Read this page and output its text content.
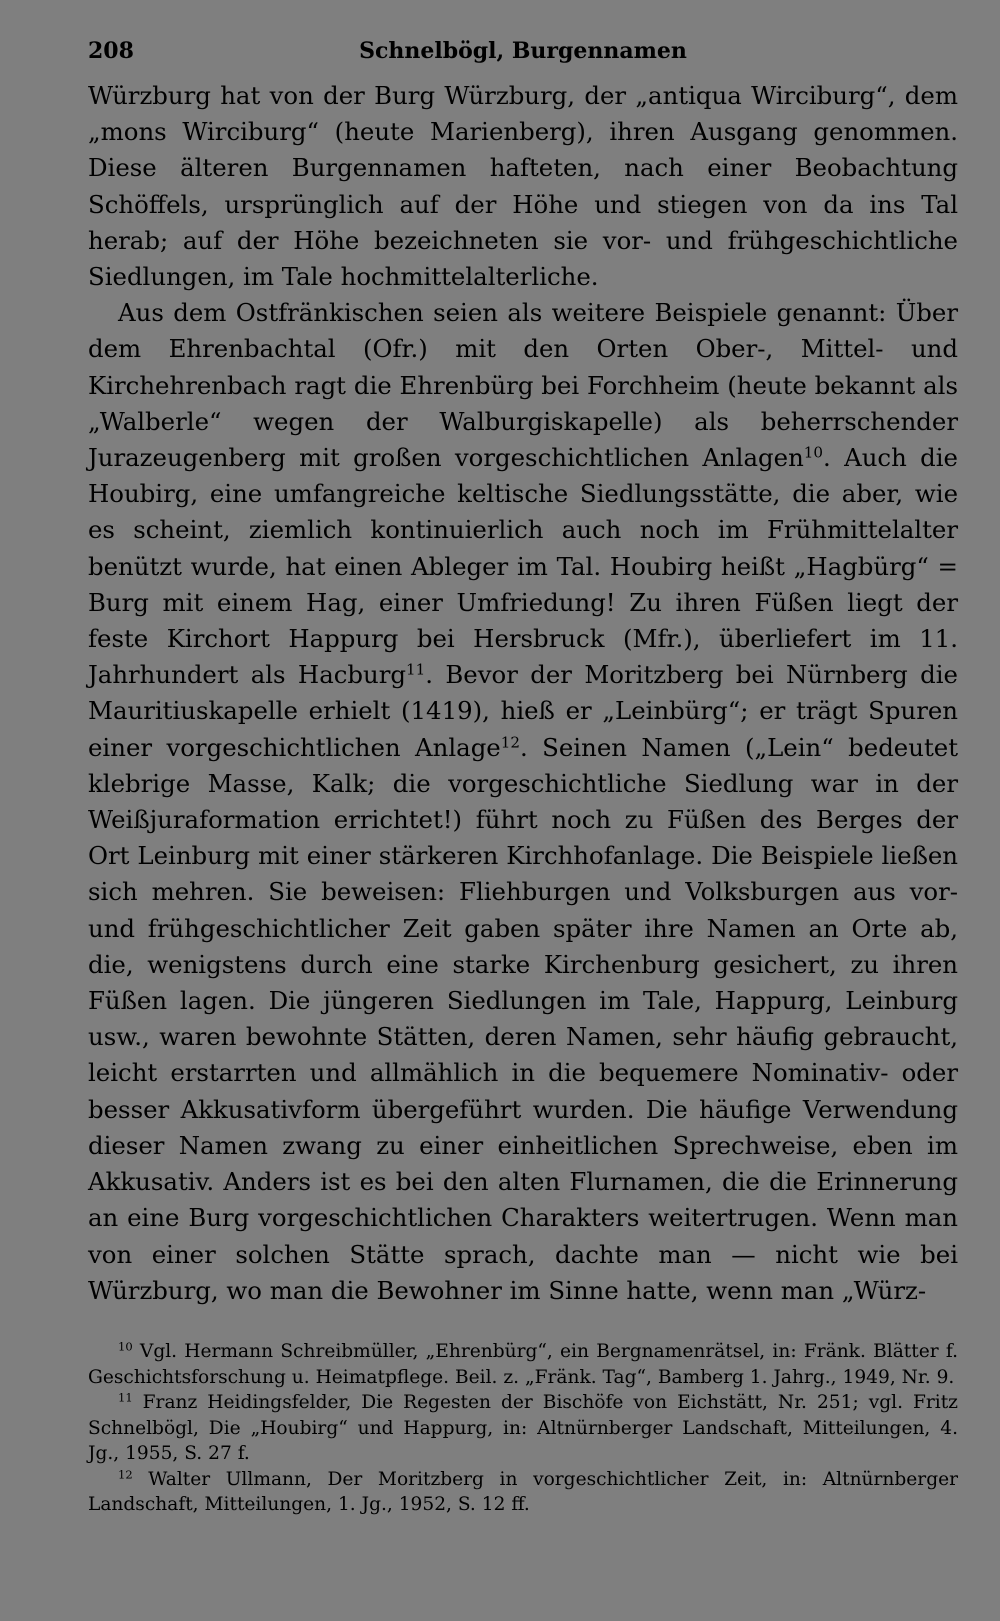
208	Schnelbögl, Burgennamen

Würzburg hat von der Burg Würzburg, der „antiqua Wirciburg“, dem „mons Wirciburg“ (heute Marienberg), ihren Ausgang genommen. Diese älteren Burgennamen hafteten, nach einer Beobachtung Schöffels, ursprünglich auf der Höhe und stiegen von da ins Tal herab; auf der Höhe bezeichneten sie vor- und frühgeschichtliche Siedlungen, im Tale hochmittelalterliche.

Aus dem Ostfränkischen seien als weitere Beispiele genannt: Über dem Ehrenbachtal (Ofr.) mit den Orten Ober-, Mittel- und Kirchehrenbach ragt die Ehrenbürg bei Forchheim (heute bekannt als „Walberle“ wegen der Walburgiskapelle) als beherrschender Jurazeugenberg mit großen vorgeschichtlichen Anlagen$^{10}$. Auch die Houbirg, eine umfangreiche keltische Siedlungsstätte, die aber, wie es scheint, ziemlich kontinuierlich auch noch im Frühmittelalter benützt wurde, hat einen Ableger im Tal. Houbirg heißt „Hagbürg“ = Burg mit einem Hag, einer Umfriedung! Zu ihren Füßen liegt der feste Kirchort Happurg bei Hersbruck (Mfr.), überliefert im 11. Jahrhundert als Hacburg$^{11}$. Bevor der Moritzberg bei Nürnberg die Mauritiuskapelle erhielt (1419), hieß er „Leinbürg“; er trägt Spuren einer vorgeschichtlichen Anlage$^{12}$. Seinen Namen („Lein“ bedeutet klebrige Masse, Kalk; die vorgeschichtliche Siedlung war in der Weißjuraformation errichtet!) führt noch zu Füßen des Berges der Ort Leinburg mit einer stärkeren Kirchhofanlage. Die Beispiele ließen sich mehren. Sie beweisen: Fliehburgen und Volksburgen aus vor- und frühgeschichtlicher Zeit gaben später ihre Namen an Orte ab, die, wenigstens durch eine starke Kirchenburg gesichert, zu ihren Füßen lagen. Die jüngeren Siedlungen im Tale, Happurg, Leinburg usw., waren bewohnte Stätten, deren Namen, sehr häufig gebraucht, leicht erstarrten und allmählich in die bequemere Nominativ- oder besser Akkusativform übergeführt wurden. Die häufige Verwendung dieser Namen zwang zu einer einheitlichen Sprechweise, eben im Akkusativ. Anders ist es bei den alten Flurnamen, die die Erinnerung an eine Burg vorgeschichtlichen Charakters weitertrugen. Wenn man von einer solchen Stätte sprach, dachte man — nicht wie bei Würzburg, wo man die Bewohner im Sinne hatte, wenn man „Würz-

$^{10}$ Vgl. Hermann Schreibmüller, „Ehrenbürg“, ein Bergnamenrätsel, in: Fränk. Blätter f. Geschichtsforschung u. Heimatpflege. Beil. z. „Fränk. Tag“, Bamberg 1. Jahrg., 1949, Nr. 9.

$^{11}$ Franz Heidingsfelder, Die Regesten der Bischöfe von Eichstätt, Nr. 251; vgl. Fritz Schnelbögl, Die „Houbirg“ und Happurg, in: Altnürnberger Landschaft, Mitteilungen, 4. Jg., 1955, S. 27 f.

$^{12}$ Walter Ullmann, Der Moritzberg in vorgeschichtlicher Zeit, in: Altnürnberger Landschaft, Mitteilungen, 1. Jg., 1952, S. 12 ff.
